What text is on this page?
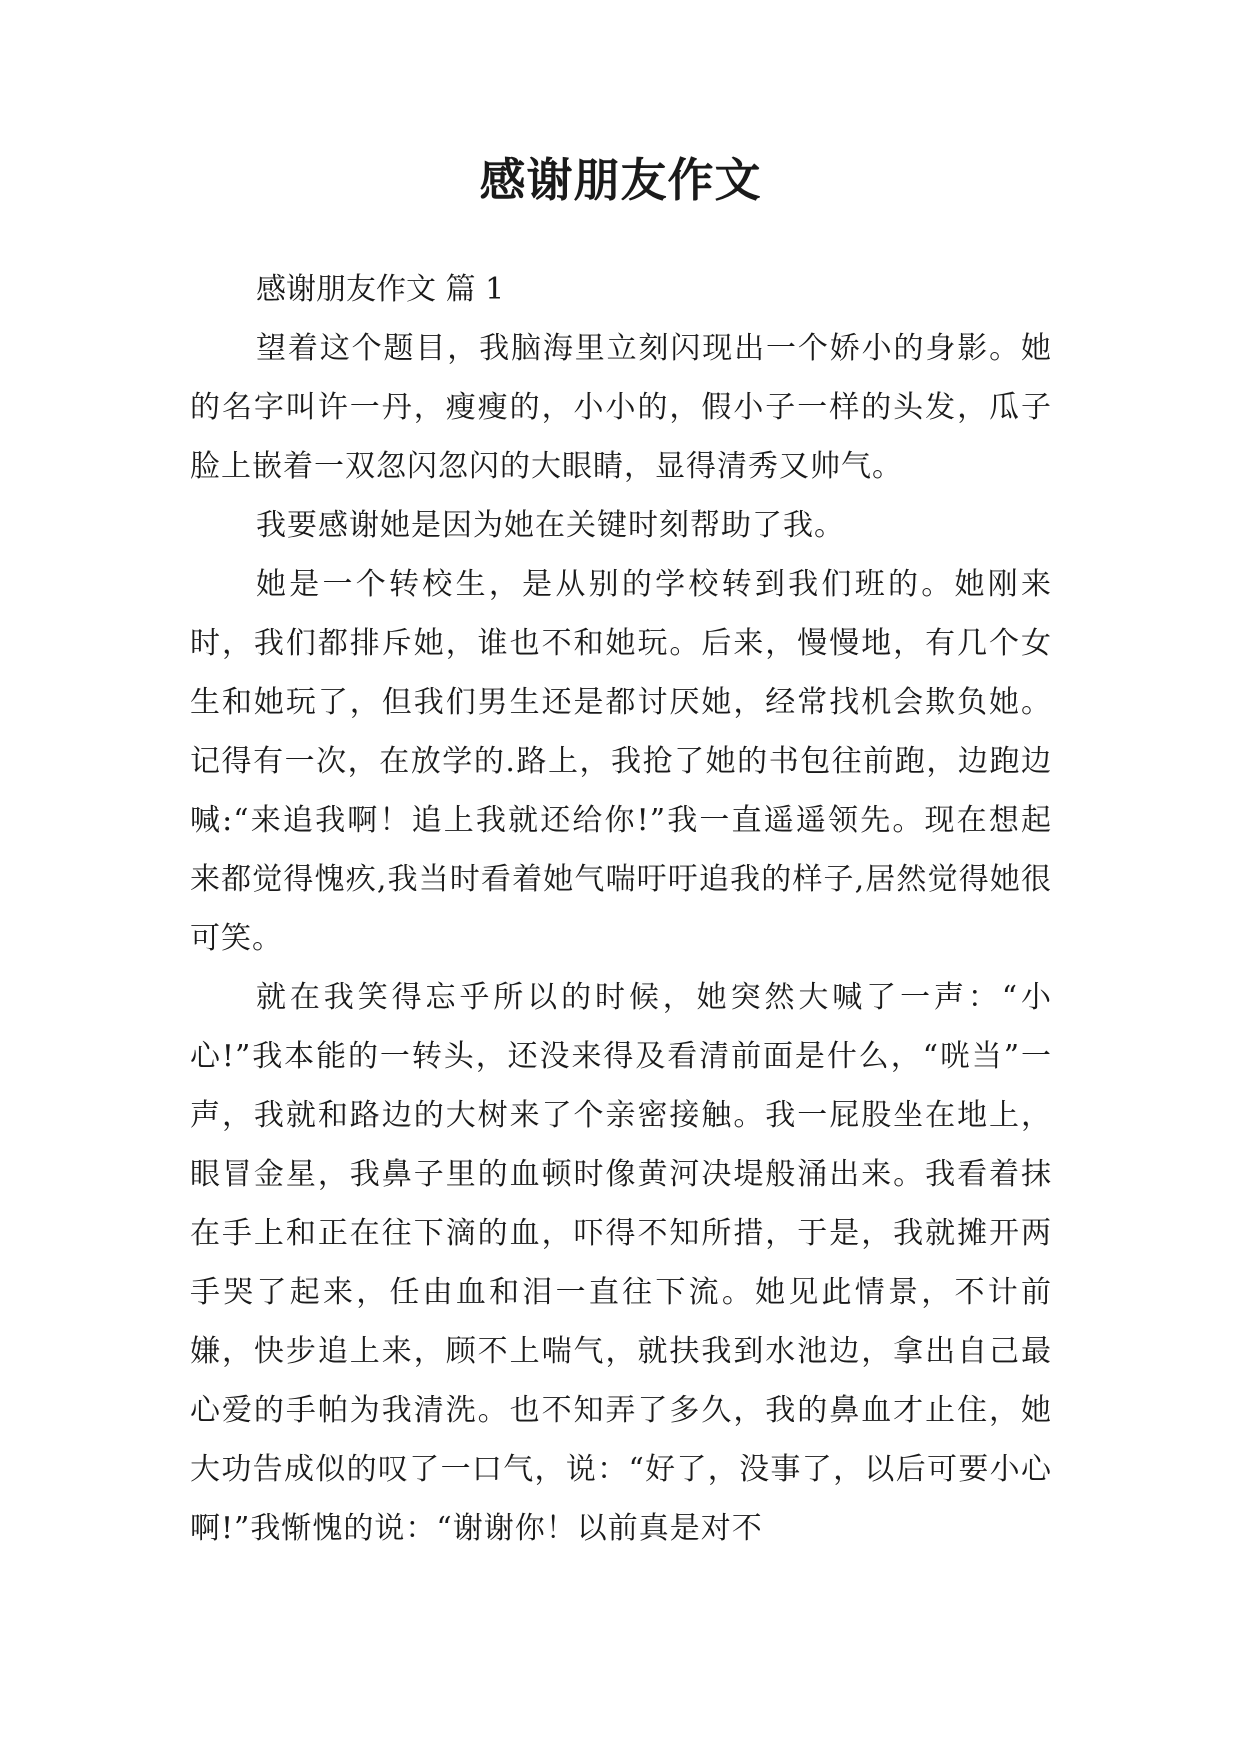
感谢朋友作文

感谢朋友作文 篇 1

望着这个题目，我脑海里立刻闪现出一个娇小的身影。她的名字叫许一丹，瘦瘦的，小小的，假小子一样的头发，瓜子脸上嵌着一双忽闪忽闪的大眼睛，显得清秀又帅气。

我要感谢她是因为她在关键时刻帮助了我。

她是一个转校生，是从别的学校转到我们班的。她刚来时，我们都排斥她，谁也不和她玩。后来，慢慢地，有几个女生和她玩了，但我们男生还是都讨厌她，经常找机会欺负她。记得有一次，在放学的.路上，我抢了她的书包往前跑，边跑边喊:“来追我啊！追上我就还给你!”我一直遥遥领先。现在想起来都觉得愧疚,我当时看着她气喘吁吁追我的样子,居然觉得她很可笑。

就在我笑得忘乎所以的时候，她突然大喊了一声：“小心!”我本能的一转头，还没来得及看清前面是什么，“咣当”一声，我就和路边的大树来了个亲密接触。我一屁股坐在地上，眼冒金星，我鼻子里的血顿时像黄河决堤般涌出来。我看着抹在手上和正在往下滴的血，吓得不知所措，于是，我就摊开两手哭了起来，任由血和泪一直往下流。她见此情景，不计前嫌，快步追上来，顾不上喘气，就扶我到水池边，拿出自己最心爱的手帕为我清洗。也不知弄了多久，我的鼻血才止住，她大功告成似的叹了一口气，说：“好了，没事了，以后可要小心啊!”我惭愧的说：“谢谢你！以前真是对不
